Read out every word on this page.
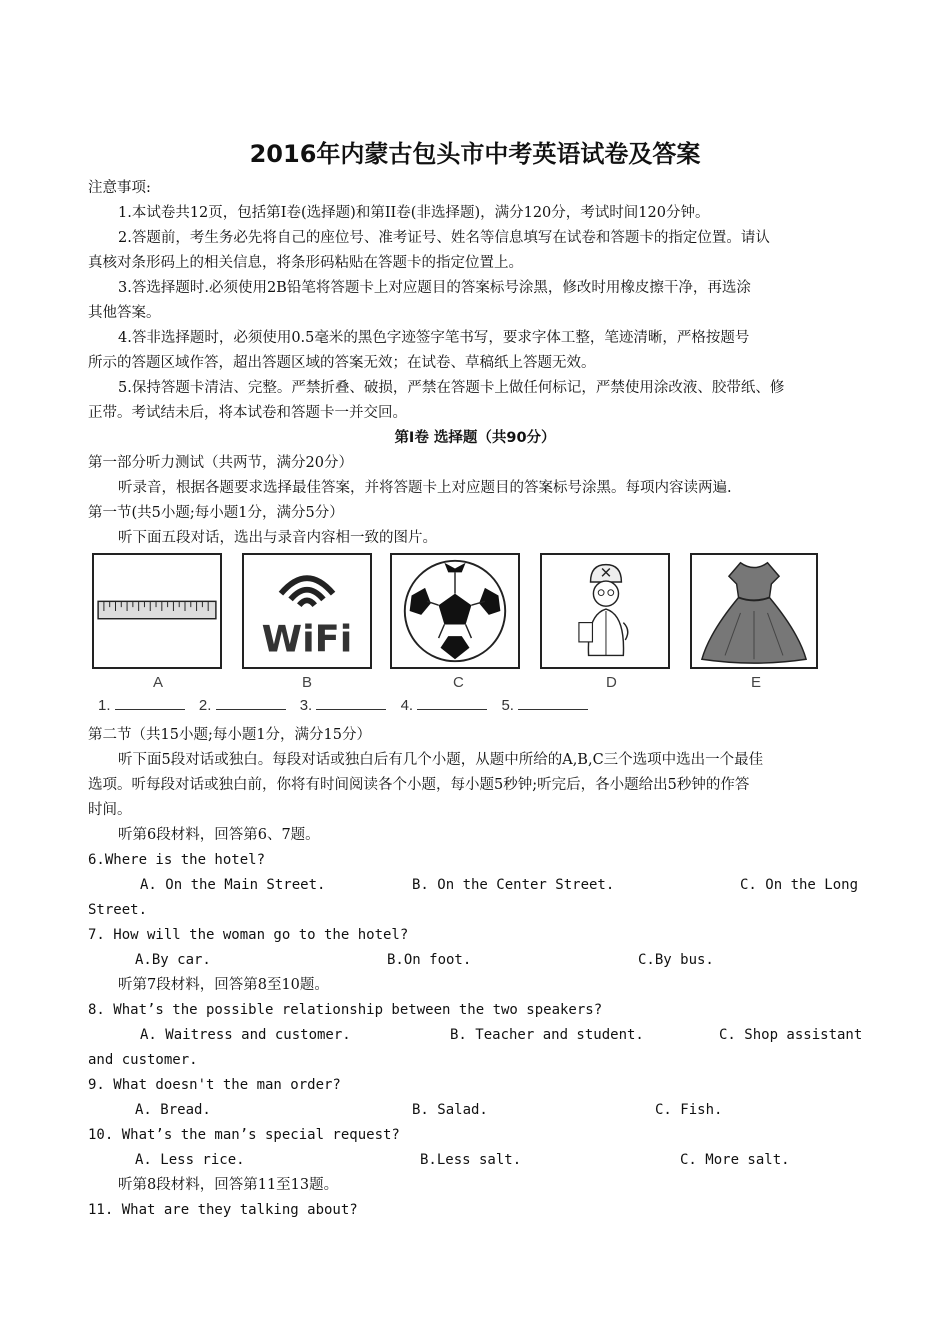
2016年内蒙古包头市中考英语试卷及答案
注意事项:
1.本试卷共12页，包括第Ⅰ卷(选择题)和第II卷(非选择题)，满分120分，考试时间120分钟。
2.答题前，考生务必先将自己的座位号、准考证号、姓名等信息填写在试卷和答题卡的指定位置。请认
真核对条形码上的相关信息，将条形码粘贴在答题卡的指定位置上。
3.答选择题时.必须使用2B铅笔将答题卡上对应题目的答案标号涂黑，修改时用橡皮擦干净，再选涂
其他答案。
4.答非选择题时，必须使用0.5毫米的黑色字迹签字笔书写，要求字体工整，笔迹清晰，严格按题号
所示的答题区域作答，超出答题区域的答案无效；在试卷、草稿纸上答题无效。
5.保持答题卡清洁、完整。严禁折叠、破损，严禁在答题卡上做任何标记，严禁使用涂改液、胶带纸、修
正带。考试结未后，将本试卷和答题卡一并交回。
第Ⅰ卷 选择题（共90分）
第一部分听力测试（共两节，满分20分）
听录音，根据各题要求选择最佳答案，并将答题卡上对应题目的答案标号涂黑。每项内容读两遍.
第一节(共5小题;每小题1分，满分5分）
听下面五段对话，选出与录音内容相一致的图片。
WiFi
A	B	C	D	E
1.	2.	3.	4.	5.
第二节（共15小题;每小题1分，满分15分）
听下面5段对话或独白。每段对话或独白后有几个小题，从题中所给的A,B,C三个选项中选出一个最佳
选项。听每段对话或独白前，你将有时间阅读各个小题，每小题5秒钟;听完后，各小题给出5秒钟的作答
时间。
听第6段材料，回答第6、7题。
6.Where is the hotel?
A. On the Main Street.	B. On the Center Street.	C. On the Long
Street.
7. How will the woman go to the hotel?
A.By car.	B.On foot.	C.By bus.
听第7段材料，回答第8至10题。
8. What’s the possible relationship between the two speakers?
A. Waitress and customer.	B. Teacher and student.	C. Shop assistant
and customer.
9. What doesn't the man order?
A. Bread.	B. Salad.	C. Fish.
10. What’s the man’s special request?
A. Less rice.	B.Less salt.	C. More salt.
听第8段材料，回答第11至13题。
11. What are they talking about?
